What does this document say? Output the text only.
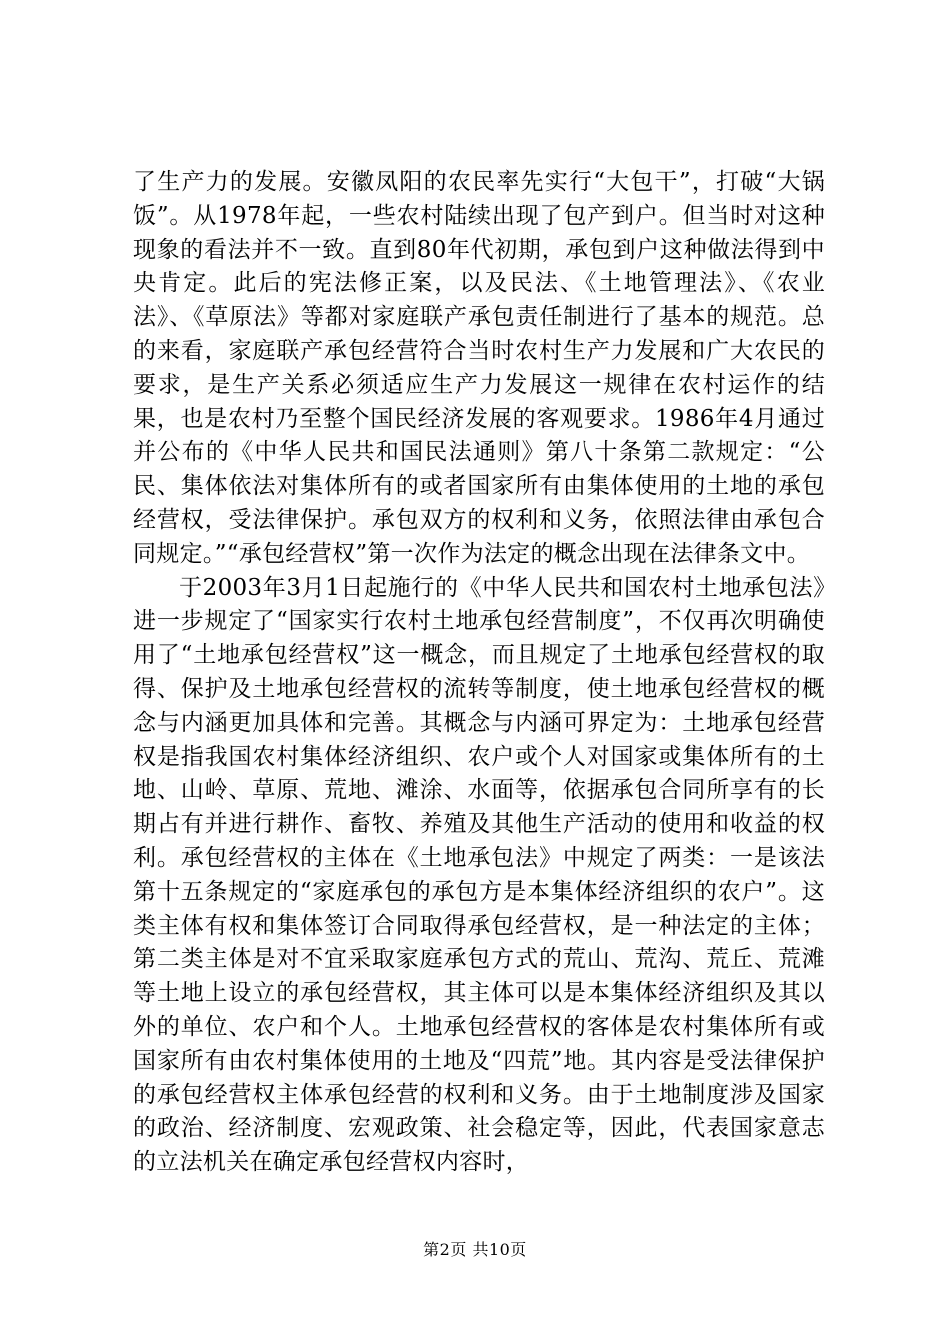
了生产力的发展。安徽凤阳的农民率先实行“大包干”，打破“大锅饭”。从1978年起，一些农村陆续出现了包产到户。但当时对这种现象的看法并不一致。直到80年代初期，承包到户这种做法得到中央肯定。此后的宪法修正案，以及民法、《土地管理法》、《农业法》、《草原法》等都对家庭联产承包责任制进行了基本的规范。总的来看，家庭联产承包经营符合当时农村生产力发展和广大农民的要求，是生产关系必须适应生产力发展这一规律在农村运作的结果，也是农村乃至整个国民经济发展的客观要求。1986年4月通过并公布的《中华人民共和国民法通则》第八十条第二款规定：“公民、集体依法对集体所有的或者国家所有由集体使用的土地的承包经营权，受法律保护。承包双方的权利和义务，依照法律由承包合同规定。”“承包经营权”第一次作为法定的概念出现在法律条文中。

于2003年3月1日起施行的《中华人民共和国农村土地承包法》进一步规定了“国家实行农村土地承包经营制度”，不仅再次明确使用了“土地承包经营权”这一概念，而且规定了土地承包经营权的取得、保护及土地承包经营权的流转等制度，使土地承包经营权的概念与内涵更加具体和完善。其概念与内涵可界定为：土地承包经营权是指我国农村集体经济组织、农户或个人对国家或集体所有的土地、山岭、草原、荒地、滩涂、水面等，依据承包合同所享有的长期占有并进行耕作、畜牧、养殖及其他生产活动的使用和收益的权利。承包经营权的主体在《土地承包法》中规定了两类：一是该法第十五条规定的“家庭承包的承包方是本集体经济组织的农户”。这类主体有权和集体签订合同取得承包经营权，是一种法定的主体；第二类主体是对不宜采取家庭承包方式的荒山、荒沟、荒丘、荒滩等土地上设立的承包经营权，其主体可以是本集体经济组织及其以外的单位、农户和个人。土地承包经营权的客体是农村集体所有或国家所有由农村集体使用的土地及“四荒”地。其内容是受法律保护的承包经营权主体承包经营的权利和义务。由于土地制度涉及国家的政治、经济制度、宏观政策、社会稳定等，因此，代表国家意志的立法机关在确定承包经营权内容时，

第2页 共10页
